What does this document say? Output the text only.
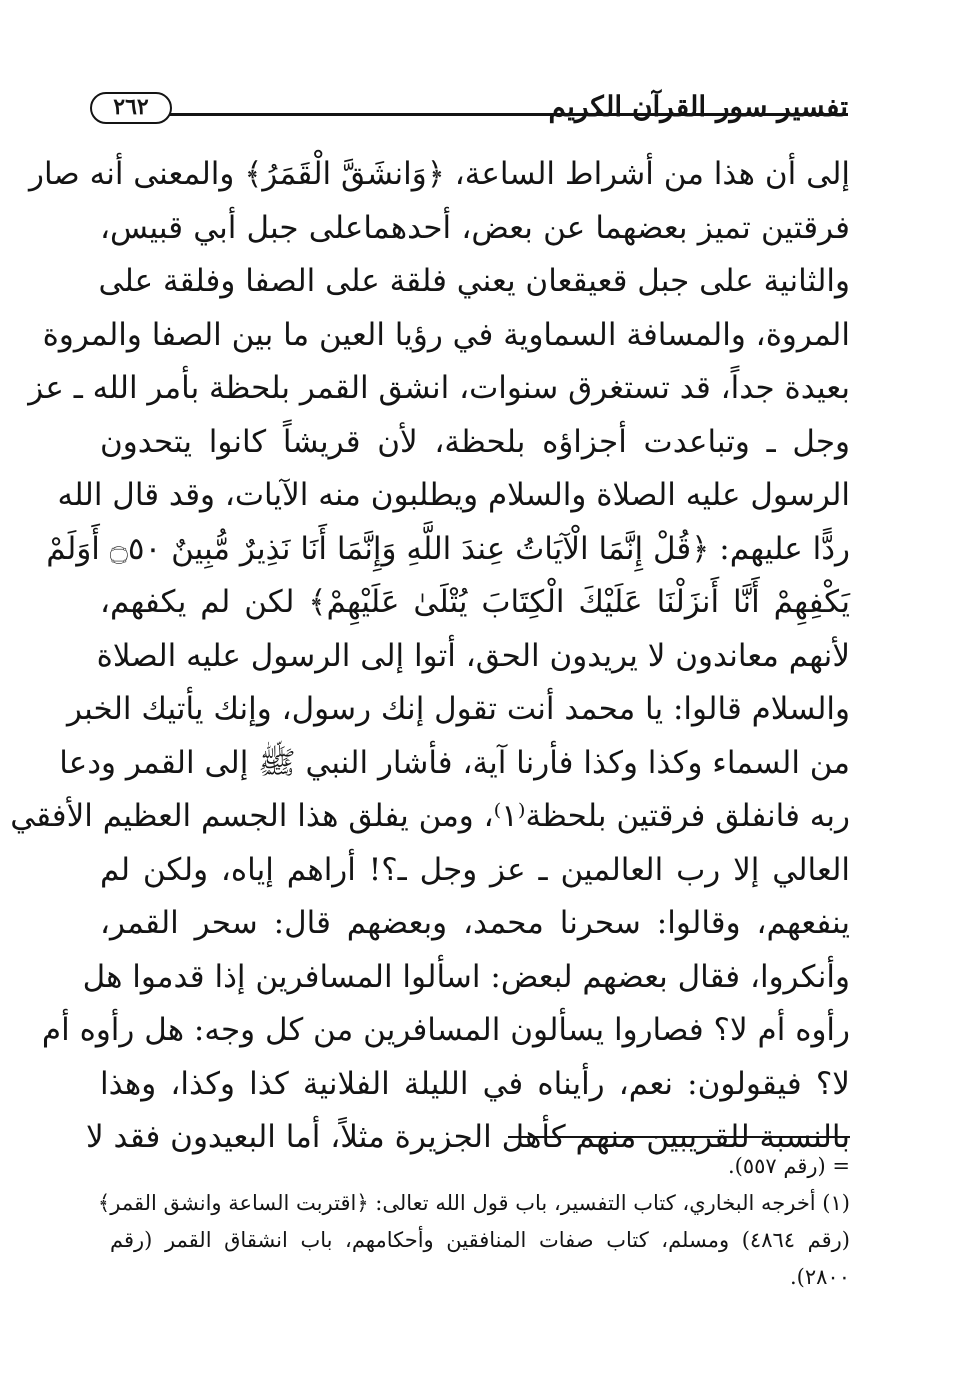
تفسير سور القرآن الكريم
٢٦٢
إلى أن هذا من أشراط الساعة، ﴿وَانشَقَّ الْقَمَرُ﴾ والمعنى أنه صار
فرقتين تميز بعضهما عن بعض، أحدهماعلى جبل أبي قبيس،
والثانية على جبل قعيقعان يعني فلقة على الصفا وفلقة على
المروة، والمسافة السماوية في رؤيا العين ما بين الصفا والمروة
بعيدة جداً، قد تستغرق سنوات، انشق القمر بلحظة بأمر الله ـ عز
وجل ـ وتباعدت أجزاؤه بلحظة، لأن قريشاً كانوا يتحدون
الرسول عليه الصلاة والسلام ويطلبون منه الآيات، وقد قال الله
ردًّا عليهم: ﴿قُلْ إِنَّمَا الْآيَاتُ عِندَ اللَّهِ وَإِنَّمَا أَنَا نَذِيرٌ مُّبِينٌ ۝٥٠ أَوَلَمْ
يَكْفِهِمْ أَنَّا أَنزَلْنَا عَلَيْكَ الْكِتَابَ يُتْلَىٰ عَلَيْهِمْ﴾ لكن لم يكفهم،
لأنهم معاندون لا يريدون الحق، أتوا إلى الرسول عليه الصلاة
والسلام قالوا: يا محمد أنت تقول إنك رسول، وإنك يأتيك الخبر
من السماء وكذا وكذا فأرنا آية، فأشار النبي ﷺ إلى القمر ودعا
ربه فانفلق فرقتين بلحظة⁽١⁾، ومن يفلق هذا الجسم العظيم الأفقي
العالي إلا رب العالمين ـ عز وجل ـ؟! أراهم إياه، ولكن لم
ينفعهم، وقالوا: سحرنا محمد، وبعضهم قال: سحر القمر،
وأنكروا، فقال بعضهم لبعض: اسألوا المسافرين إذا قدموا هل
رأوه أم لا؟ فصاروا يسألون المسافرين من كل وجه: هل رأوه أم
لا؟ فيقولون: نعم، رأيناه في الليلة الفلانية كذا وكذا، وهذا
بالنسبة للقريبين منهم كأهل الجزيرة مثلاً، أما البعيدون فقد لا
= (رقم ٥٥٧).
(١) أخرجه البخاري، كتاب التفسير، باب قول الله تعالى: ﴿اقتربت الساعة وانشق القمر﴾
(رقم ٤٨٦٤) ومسلم، كتاب صفات المنافقين وأحكامهم، باب انشقاق القمر (رقم
٢٨٠٠).
